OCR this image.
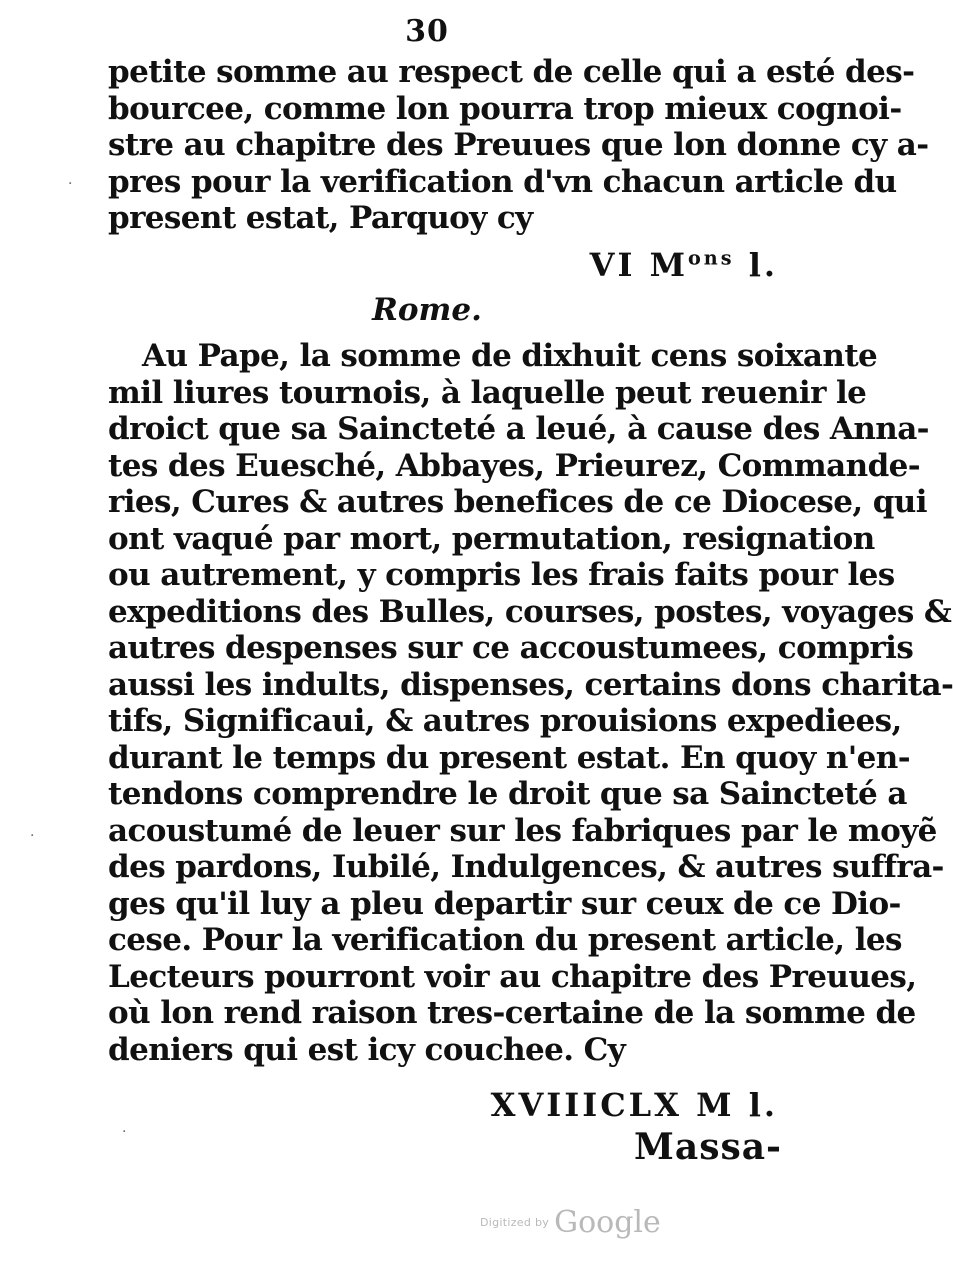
30
petite somme au respect de celle qui a esté des-
bourcee, comme lon pourra trop mieux cognoi-
stre au chapitre des Preuues que lon donne cy a-
pres pour la verification d'vn chacun article du
present estat, Parquoy cy
VI $M^{ons}$ l.
Rome.
Au Pape, la somme de dixhuit cens soixante
mil liures tournois, à laquelle peut reuenir le
droict que sa Saincteté a leué, à cause des Anna-
tes des Euesché, Abbayes, Prieurez, Commande-
ries, Cures & autres benefices de ce Diocese, qui
ont vaqué par mort, permutation, resignation
ou autrement, y compris les frais faits pour les
expeditions des Bulles, courses, postes, voyages &
autres despenses sur ce accoustumees, compris
aussi les indults, dispenses, certains dons charita-
tifs, Significaui, & autres prouisions expediees,
durant le temps du present estat. En quoy n'en-
tendons comprendre le droit que sa Saincteté a
acoustumé de leuer sur les fabriques par le moyẽ
des pardons, Iubilé, Indulgences, & autres suffra-
ges qu'il luy a pleu departir sur ceux de ce Dio-
cese. Pour la verification du present article, les
Lecteurs pourront voir au chapitre des Preuues,
où lon rend raison tres-certaine de la somme de
deniers qui est icy couchee. Cy
XVIIICLX M l.
Massa-
·
·
·
Digitized by Google
